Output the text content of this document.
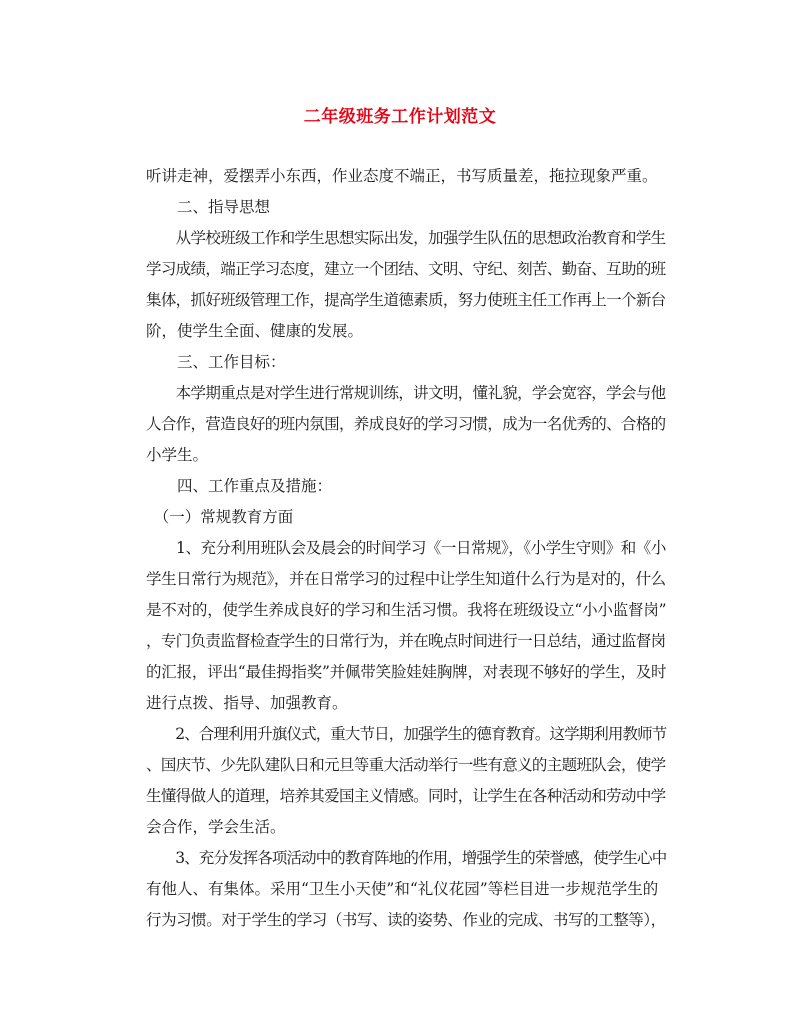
二年级班务工作计划范文
听讲走神，爱摆弄小东西，作业态度不端正，书写质量差，拖拉现象严重。
　　二、指导思想
　　从学校班级工作和学生思想实际出发，加强学生队伍的思想政治教育和学生
学习成绩，端正学习态度，建立一个团结、文明、守纪、刻苦、勤奋、互助的班
集体，抓好班级管理工作，提高学生道德素质，努力使班主任工作再上一个新台
阶，使学生全面、健康的发展。
　　三、工作目标：
　　本学期重点是对学生进行常规训练，讲文明，懂礼貌，学会宽容，学会与他
人合作，营造良好的班内氛围，养成良好的学习习惯，成为一名优秀的、合格的
小学生。
　　四、工作重点及措施：
　（一）常规教育方面
　　1、充分利用班队会及晨会的时间学习《一日常规》，《小学生守则》和《小
学生日常行为规范》，并在日常学习的过程中让学生知道什么行为是对的，什么
是不对的，使学生养成良好的学习和生活习惯。我将在班级设立“小小监督岗”
，专门负责监督检查学生的日常行为，并在晚点时间进行一日总结，通过监督岗
的汇报，评出“最佳拇指奖”并佩带笑脸娃娃胸牌，对表现不够好的学生，及时
进行点拨、指导、加强教育。
　　2、合理利用升旗仪式，重大节日，加强学生的德育教育。这学期利用教师节
、国庆节、少先队建队日和元旦等重大活动举行一些有意义的主题班队会，使学
生懂得做人的道理，培养其爱国主义情感。同时，让学生在各种活动和劳动中学
会合作，学会生活。
　　3、充分发挥各项活动中的教育阵地的作用，增强学生的荣誉感，使学生心中
有他人、有集体。采用“卫生小天使”和“礼仪花园”等栏目进一步规范学生的
行为习惯。对于学生的学习（书写、读的姿势、作业的完成、书写的工整等），
